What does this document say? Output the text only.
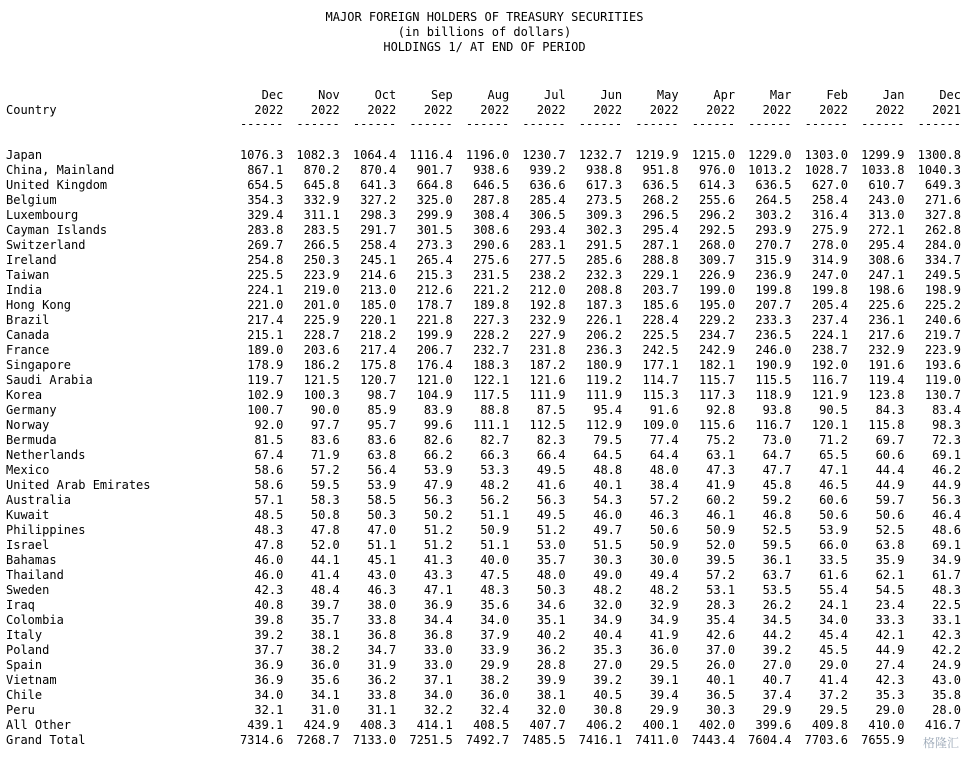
MAJOR FOREIGN HOLDERS OF TREASURY SECURITIES
(in billions of dollars)
HOLDINGS 1/ AT END OF PERIOD
Country	Dec	Nov	Oct	Sep	Aug	Jul	Jun	May	Apr	Mar	Feb	Jan	Dec
	2022	2022	2022	2022	2022	2022	2022	2022	2022	2022	2022	2022	2021
	------	------	------	------	------	------	------	------	------	------	------	------	------

Japan	1076.3	1082.3	1064.4	1116.4	1196.0	1230.7	1232.7	1219.9	1215.0	1229.0	1303.0	1299.9	1300.8
China, Mainland	867.1	870.2	870.4	901.7	938.6	939.2	938.8	951.8	976.0	1013.2	1028.7	1033.8	1040.3
United Kingdom	654.5	645.8	641.3	664.8	646.5	636.6	617.3	636.5	614.3	636.5	627.0	610.7	649.3
Belgium	354.3	332.9	327.2	325.0	287.8	285.4	273.5	268.2	255.6	264.5	258.4	243.0	271.6
Luxembourg	329.4	311.1	298.3	299.9	308.4	306.5	309.3	296.5	296.2	303.2	316.4	313.0	327.8
Cayman Islands	283.8	283.5	291.7	301.5	308.6	293.4	302.3	295.4	292.5	293.9	275.9	272.1	262.8
Switzerland	269.7	266.5	258.4	273.3	290.6	283.1	291.5	287.1	268.0	270.7	278.0	295.4	284.0
Ireland	254.8	250.3	245.1	265.4	275.6	277.5	285.6	288.8	309.7	315.9	314.9	308.6	334.7
Taiwan	225.5	223.9	214.6	215.3	231.5	238.2	232.3	229.1	226.9	236.9	247.0	247.1	249.5
India	224.1	219.0	213.0	212.6	221.2	212.0	208.8	203.7	199.0	199.8	199.8	198.6	198.9
Hong Kong	221.0	201.0	185.0	178.7	189.8	192.8	187.3	185.6	195.0	207.7	205.4	225.6	225.2
Brazil	217.4	225.9	220.1	221.8	227.3	232.9	226.1	228.4	229.2	233.3	237.4	236.1	240.6
Canada	215.1	228.7	218.2	199.9	228.2	227.9	206.2	225.5	234.7	236.5	224.1	217.6	219.7
France	189.0	203.6	217.4	206.7	232.7	231.8	236.3	242.5	242.9	246.0	238.7	232.9	223.9
Singapore	178.9	186.2	175.8	176.4	188.3	187.2	180.9	177.1	182.1	190.9	192.0	191.6	193.6
Saudi Arabia	119.7	121.5	120.7	121.0	122.1	121.6	119.2	114.7	115.7	115.5	116.7	119.4	119.0
Korea	102.9	100.3	98.7	104.9	117.5	111.9	111.9	115.3	117.3	118.9	121.9	123.8	130.7
Germany	100.7	90.0	85.9	83.9	88.8	87.5	95.4	91.6	92.8	93.8	90.5	84.3	83.4
Norway	92.0	97.7	95.7	99.6	111.1	112.5	112.9	109.0	115.6	116.7	120.1	115.8	98.3
Bermuda	81.5	83.6	83.6	82.6	82.7	82.3	79.5	77.4	75.2	73.0	71.2	69.7	72.3
Netherlands	67.4	71.9	63.8	66.2	66.3	66.4	64.5	64.4	63.1	64.7	65.5	60.6	69.1
Mexico	58.6	57.2	56.4	53.9	53.3	49.5	48.8	48.0	47.3	47.7	47.1	44.4	46.2
United Arab Emirates	58.6	59.5	53.9	47.9	48.2	41.6	40.1	38.4	41.9	45.8	46.5	44.9	44.9
Australia	57.1	58.3	58.5	56.3	56.2	56.3	54.3	57.2	60.2	59.2	60.6	59.7	56.3
Kuwait	48.5	50.8	50.3	50.2	51.1	49.5	46.0	46.3	46.1	46.8	50.6	50.6	46.4
Philippines	48.3	47.8	47.0	51.2	50.9	51.2	49.7	50.6	50.9	52.5	53.9	52.5	48.6
Israel	47.8	52.0	51.1	51.2	51.1	53.0	51.5	50.9	52.0	59.5	66.0	63.8	69.1
Bahamas	46.0	44.1	45.1	41.3	40.0	35.7	30.3	30.0	39.5	36.1	33.5	35.9	34.9
Thailand	46.0	41.4	43.0	43.3	47.5	48.0	49.0	49.4	57.2	63.7	61.6	62.1	61.7
Sweden	42.3	48.4	46.3	47.1	48.3	50.3	48.2	48.2	53.1	53.5	55.4	54.5	48.3
Iraq	40.8	39.7	38.0	36.9	35.6	34.6	32.0	32.9	28.3	26.2	24.1	23.4	22.5
Colombia	39.8	35.7	33.8	34.4	34.0	35.1	34.9	34.9	35.4	34.5	34.0	33.3	33.1
Italy	39.2	38.1	36.8	36.8	37.9	40.2	40.4	41.9	42.6	44.2	45.4	42.1	42.3
Poland	37.7	38.2	34.7	33.0	33.9	36.2	35.3	36.0	37.0	39.2	45.5	44.9	42.2
Spain	36.9	36.0	31.9	33.0	29.9	28.8	27.0	29.5	26.0	27.0	29.0	27.4	24.9
Vietnam	36.9	35.6	36.2	37.1	38.2	39.9	39.2	39.1	40.1	40.7	41.4	42.3	43.0
Chile	34.0	34.1	33.8	34.0	36.0	38.1	40.5	39.4	36.5	37.4	37.2	35.3	35.8
Peru	32.1	31.0	31.1	32.2	32.4	32.0	30.8	29.9	30.3	29.9	29.5	29.0	28.0
All Other	439.1	424.9	408.3	414.1	408.5	407.7	406.2	400.1	402.0	399.6	409.8	410.0	416.7
Grand Total	7314.6	7268.7	7133.0	7251.5	7492.7	7485.5	7416.1	7411.0	7443.4	7604.4	7703.6	7655.9	格隆汇
